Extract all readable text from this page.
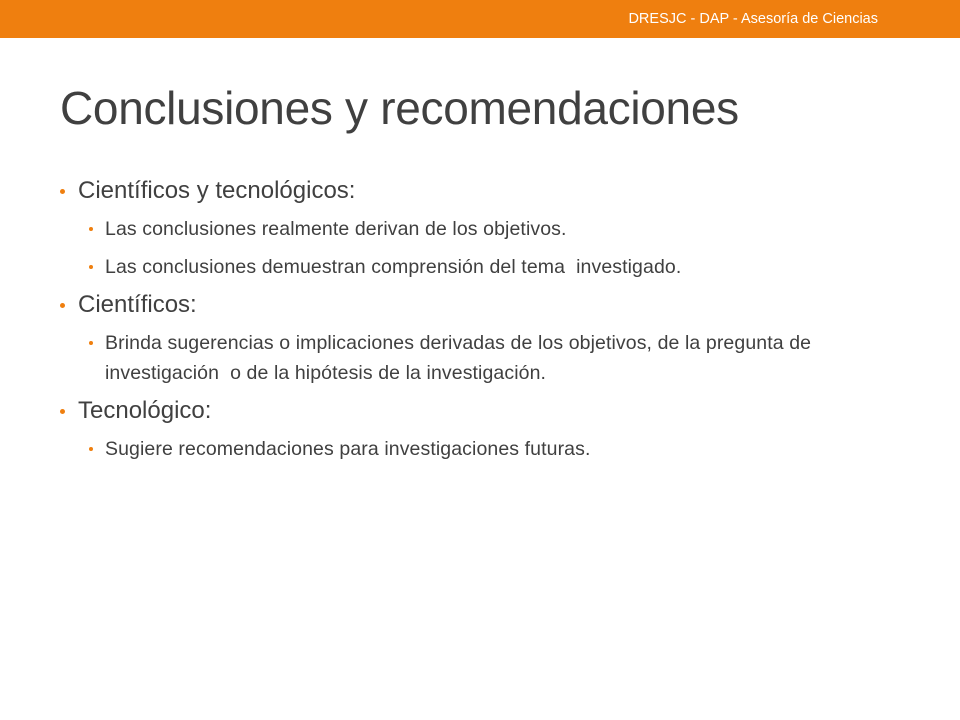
DRESJC - DAP - Asesoría de Ciencias
Conclusiones y recomendaciones
Científicos y tecnológicos:
Las conclusiones realmente derivan de los objetivos.
Las conclusiones demuestran comprensión del tema  investigado.
Científicos:
Brinda sugerencias o implicaciones derivadas de los objetivos, de la pregunta de investigación  o de la hipótesis de la investigación.
Tecnológico:
Sugiere recomendaciones para investigaciones futuras.
